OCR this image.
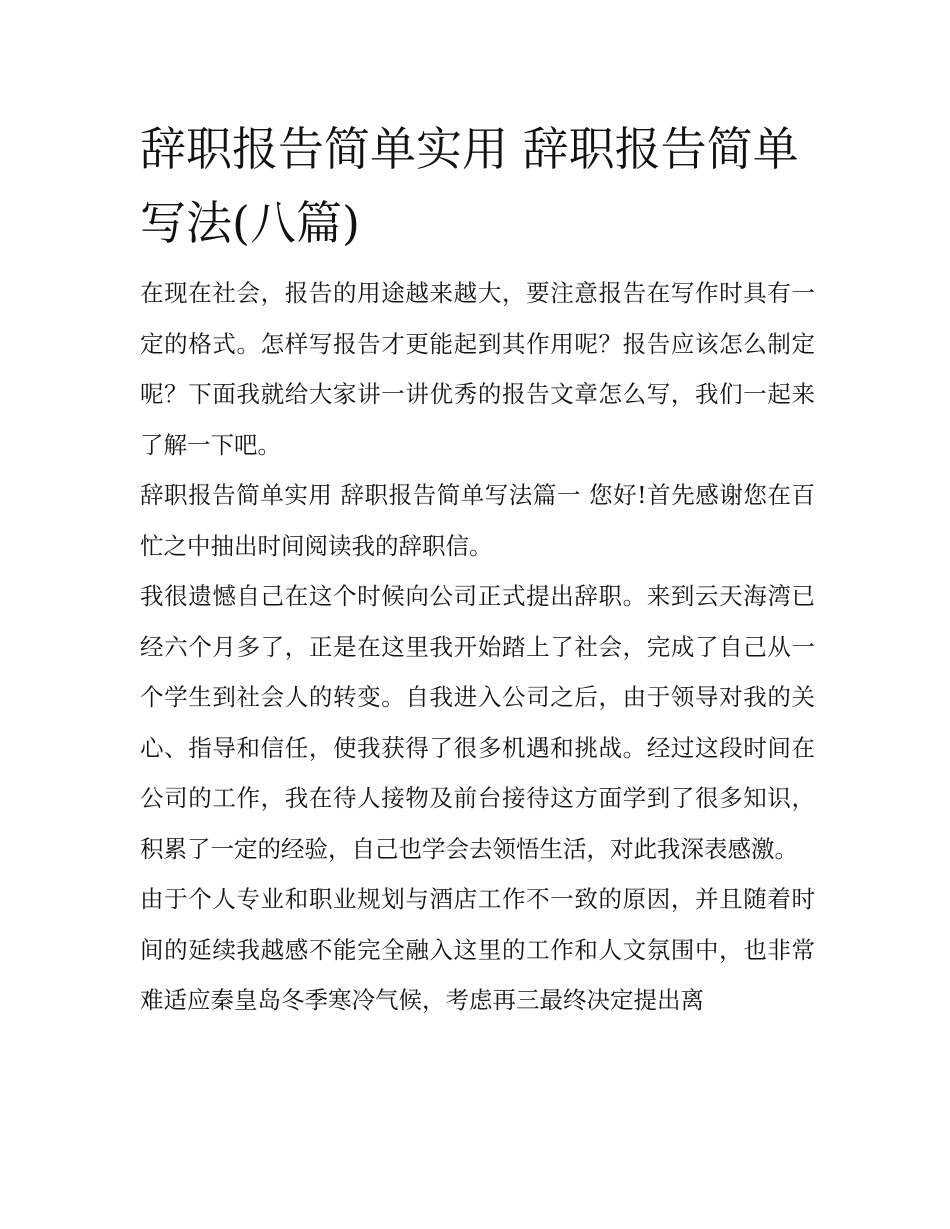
辞职报告简单实用 辞职报告简单写法(八篇)

在现在社会，报告的用途越来越大，要注意报告在写作时具有一定的格式。怎样写报告才更能起到其作用呢？报告应该怎么制定呢？下面我就给大家讲一讲优秀的报告文章怎么写，我们一起来了解一下吧。

辞职报告简单实用 辞职报告简单写法篇一 您好!首先感谢您在百忙之中抽出时间阅读我的辞职信。

我很遗憾自己在这个时候向公司正式提出辞职。来到云天海湾已经六个月多了，正是在这里我开始踏上了社会，完成了自己从一个学生到社会人的转变。自我进入公司之后，由于领导对我的关心、指导和信任，使我获得了很多机遇和挑战。经过这段时间在公司的工作，我在待人接物及前台接待这方面学到了很多知识，积累了一定的经验，自己也学会去领悟生活，对此我深表感激。

由于个人专业和职业规划与酒店工作不一致的原因，并且随着时间的延续我越感不能完全融入这里的工作和人文氛围中，也非常难适应秦皇岛冬季寒冷气候，考虑再三最终决定提出离
